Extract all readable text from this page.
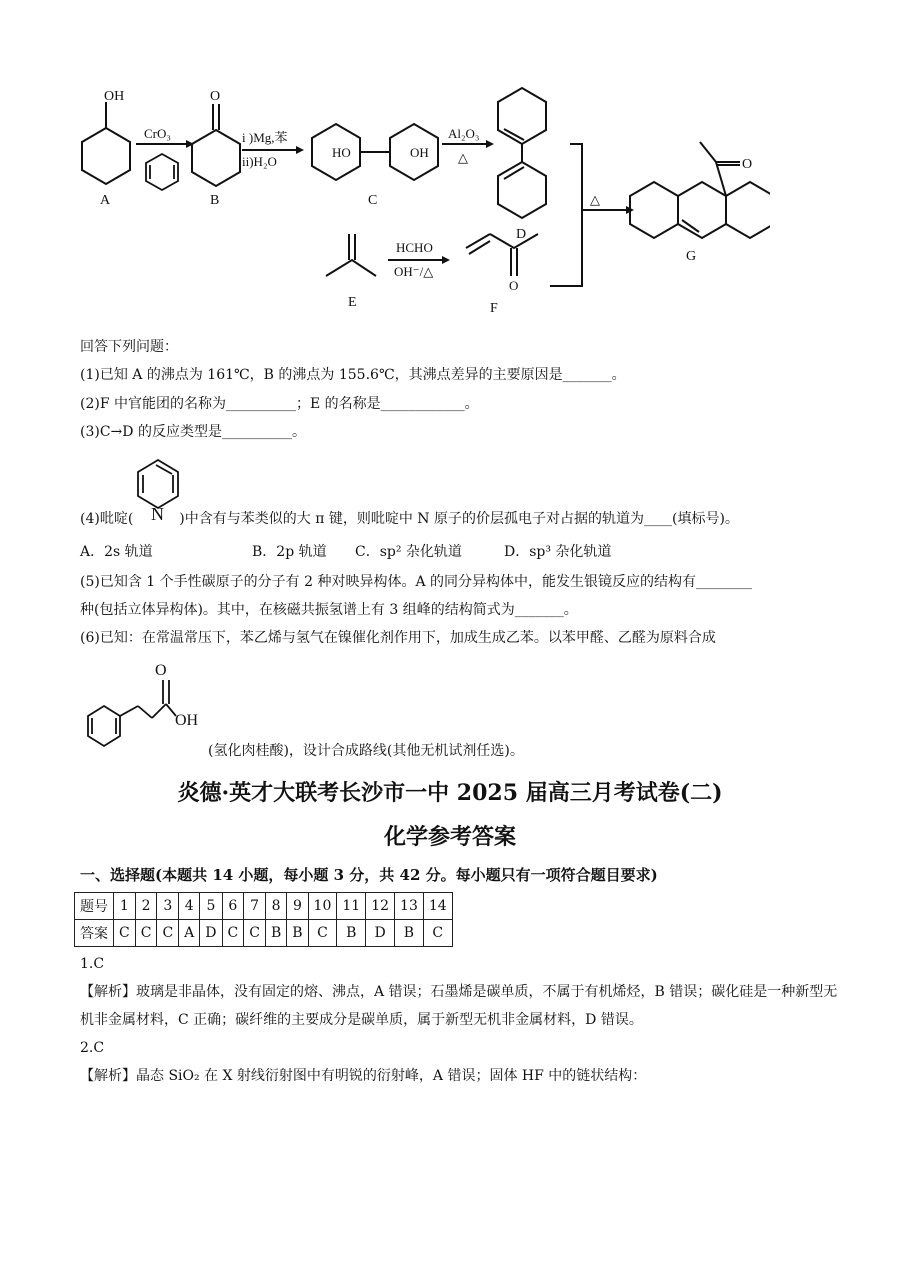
OH
A
CrO₃
F
O
B
i )Mg,苯
ii)H₂O
HO	OH
C
Al₂O₃
△
D
△
O
E
HCHO
OH⁻/△
O
F
O
G
回答下列问题：
(1)已知 A 的沸点为 161℃，B 的沸点为 155.6℃，其沸点差异的主要原因是_______。
(2)F 中官能团的名称为__________；E 的名称是____________。
(3)C→D 的反应类型是__________。
(4)吡啶(	)中含有与苯类似的大 π 键，则吡啶中 N 原子的价层孤电子对占据的轨道为____(填标号)。
N
A．2s 轨道	B．2p 轨道 C．sp² 杂化轨道	D．sp³ 杂化轨道
(5)已知含 1 个手性碳原子的分子有 2 种对映异构体。A 的同分异构体中，能发生银镜反应的结构有________
种(包括立体异构体)。其中，在核磁共振氢谱上有 3 组峰的结构简式为_______。
(6)已知：在常温常压下，苯乙烯与氢气在镍催化剂作用下，加成生成乙苯。以苯甲醛、乙醛为原料合成
O
OH
(氢化肉桂酸)，设计合成路线(其他无机试剂任选)。
炎德·英才大联考长沙市一中 2025 届高三月考试卷(二)
化学参考答案
一、选择题(本题共 14 小题，每小题 3 分，共 42 分。每小题只有一项符合题目要求)
题号	1	2	3	4	5	6	7	8	9	10	11	12	13	14
答案	C	C	C	A	D	C	C	B	B	C	B	D	B	C
1.C
【解析】玻璃是非晶体，没有固定的熔、沸点，A 错误；石墨烯是碳单质，不属于有机烯烃，B 错误；碳化硅是一种新型无机非金属材料，C 正确；碳纤维的主要成分是碳单质，属于新型无机非金属材料，D 错误。
2.C
【解析】晶态 SiO₂ 在 X 射线衍射图中有明锐的衍射峰，A 错误；固体 HF 中的链状结构：
